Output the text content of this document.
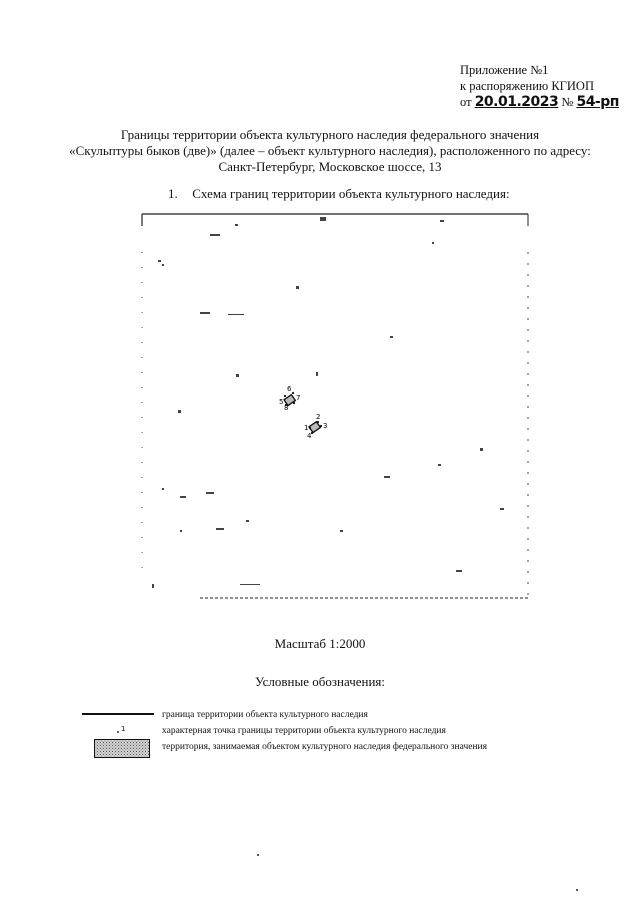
Приложение №1
к распоряжению КГИОП
от 20.01.2023 № 54-рп
Границы территории объекта культурного наследия федерального значения
«Скульптуры быков (две)» (далее – объект культурного наследия), расположенного по адресу:
Санкт-Петербург, Московское шоссе, 13
1. Схема границ территории объекта культурного наследия:
6
7
5
8
1
2
3
4
Масштаб 1:2000
Условные обозначения:
граница территории объекта культурного наследия
1	характерная точка границы территории объекта культурного наследия
территория, занимаемая объектом культурного наследия федерального значения
